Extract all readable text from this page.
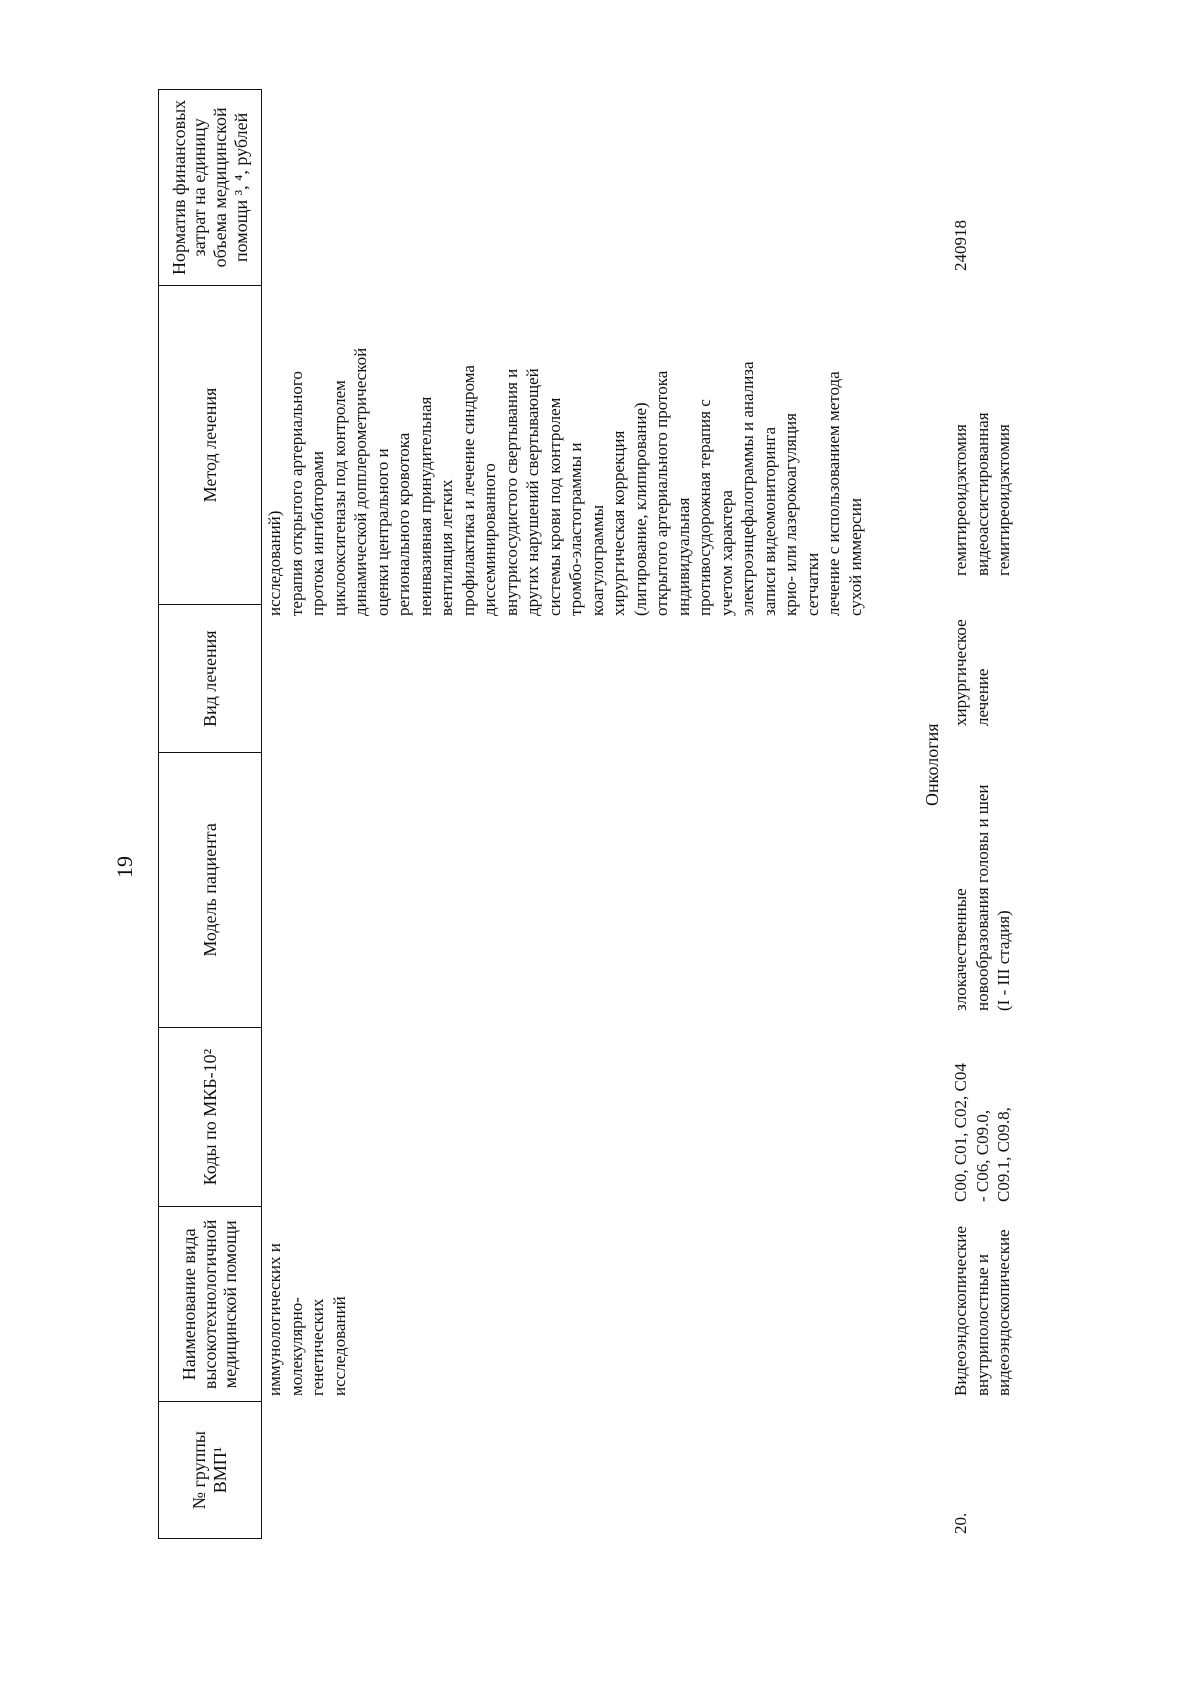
19
№ группы ВМП¹
Наименование вида высокотехнологичной медицинской помощи
Коды по МКБ-10²
Модель пациента
Вид лечения
Метод лечения
Норматив финансовых затрат на единицу объема медицинской помощи ³, ⁴, рублей
иммунологических и
молекулярно-генетических
исследований
исследований)
терапия открытого артериального
протока ингибиторами
циклооксигеназы под контролем
динамической допплерометрической
оценки центрального и
регионального кровотока
неинвазивная принудительная
вентиляция легких
профилактика и лечение синдрома
диссеминированного
внутрисосудистого свертывания и
других нарушений свертывающей
системы крови под контролем
тромбо-эластограммы и
коагулограммы
хирургическая коррекция
(лигирование, клипирование)
открытого артериального протока
индивидуальная
противосудорожная терапия с
учетом характера
электроэнцефалограммы и анализа
записи видеомониторинга
крио- или лазерокоагуляция
сетчатки
лечение с использованием метода
сухой иммерсии
Онкология
20.
Видеоэндоскопические
внутриполостные и
видеоэндоскопические
C00, C01, C02, C04
- C06, C09.0,
C09.1, C09.8,
злокачественные
новообразования головы и шеи
(I - III стадия)
хирургическое
лечение
гемитиреоидэктомия
видеоассистированная
гемитиреоидэктомия
240918
